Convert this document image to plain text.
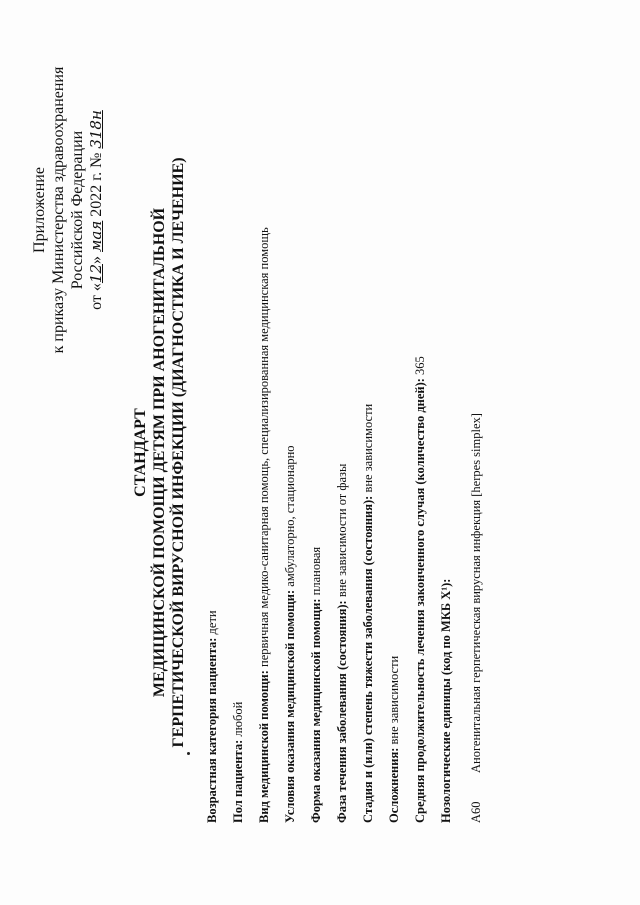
Приложение к приказу Министерства здравоохранения Российской Федерации
от «12» мая 2022 г. № 318н
СТАНДАРТ МЕДИЦИНСКОЙ ПОМОЩИ ДЕТЯМ ПРИ АНОГЕНИТАЛЬНОЙ ГЕРПЕТИЧЕСКОЙ ВИРУСНОЙ ИНФЕКЦИИ (ДИАГНОСТИКА И ЛЕЧЕНИЕ) Возрастная категория пациента: дети
Пол пациента: любой Вид медицинской помощи: первичная медико-санитарная помощь, специализированная медицинская помощь
Условия оказания медицинской помощи: амбулаторно, стационарно
Форма оказания медицинской помощи: плановая
Фаза течения заболевания (состояния): вне зависимости от фазы Стадия и (или) степень тяжести заболевания (состояния): вне зависимости
Осложнения: вне зависимости Средняя продолжительность лечения законченного случая (количество дней): 365
Нозологические единицы (код по МКБ X¹): A60
Аногенитальная герпетическая вирусная инфекция [herpes simplex]
